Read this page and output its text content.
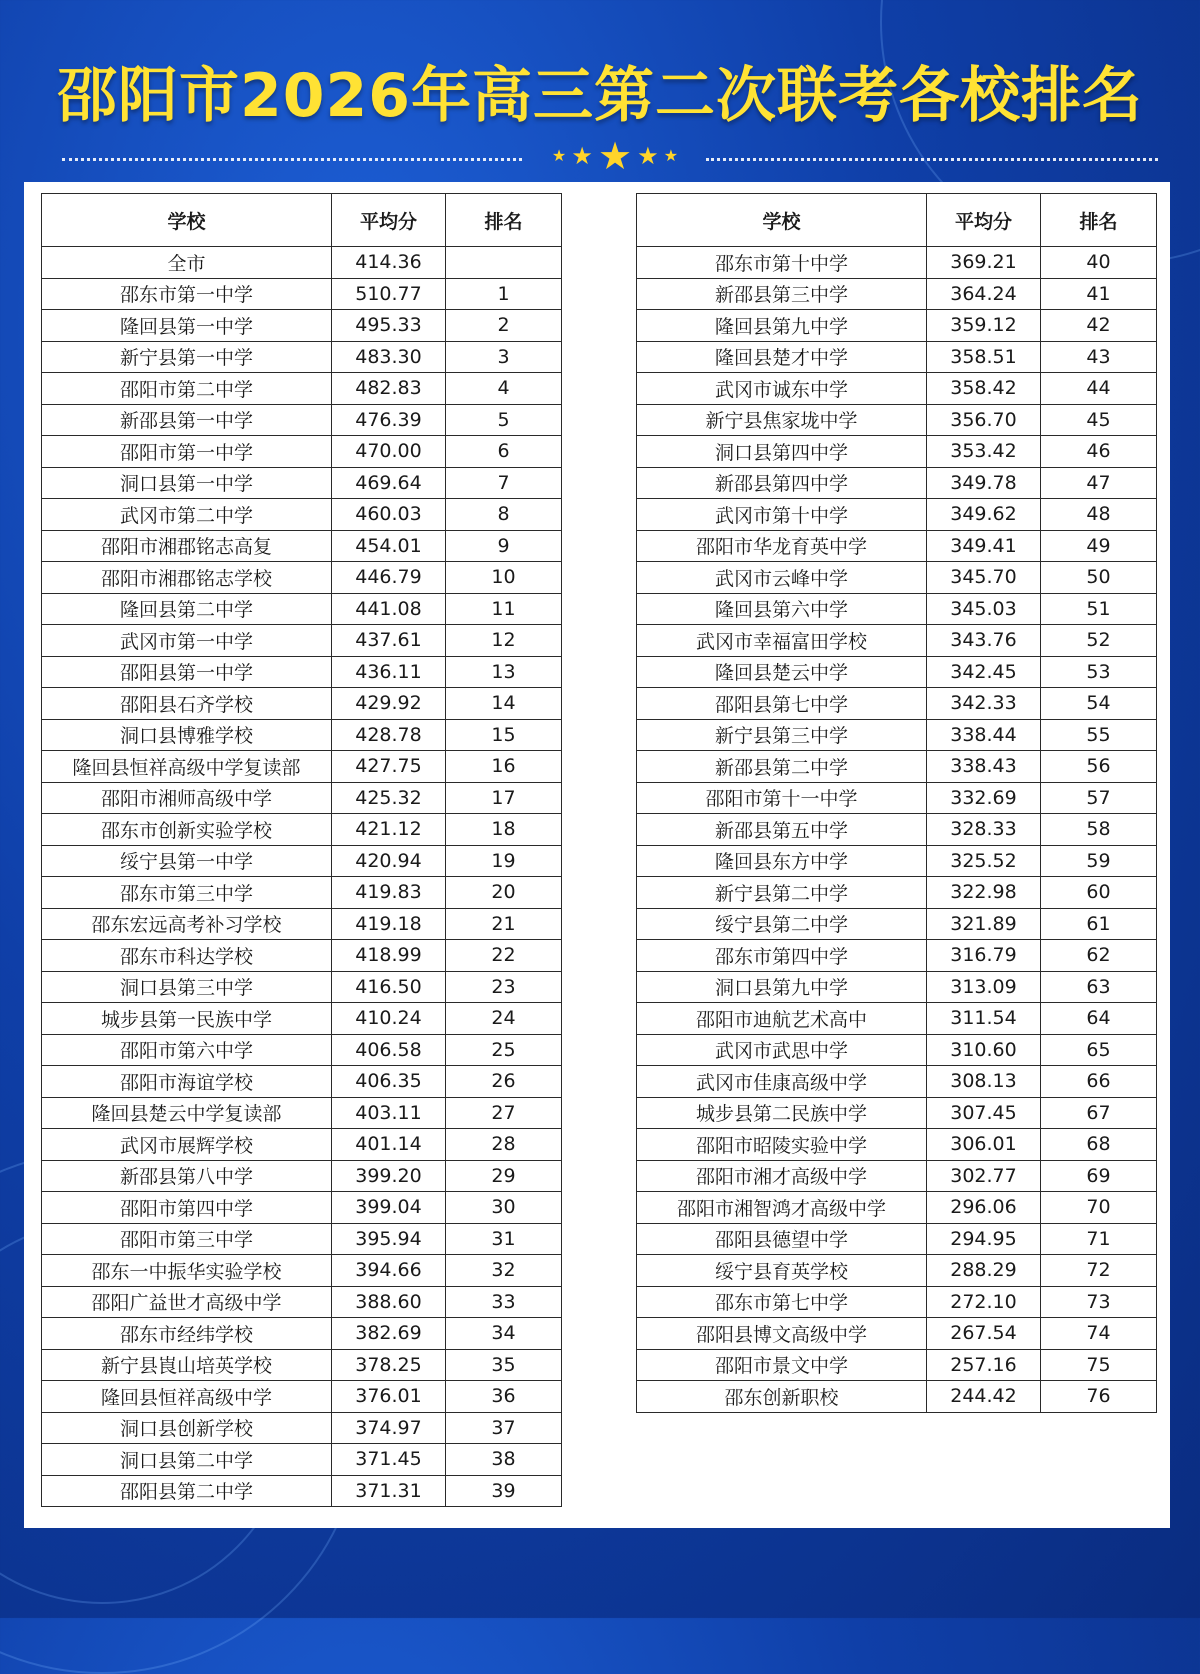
邵阳市2026年高三第二次联考各校排名
★ ★ ★ ★ ★
学校	平均分	排名
全市	414.36	
邵东市第一中学	510.77	1
隆回县第一中学	495.33	2
新宁县第一中学	483.30	3
邵阳市第二中学	482.83	4
新邵县第一中学	476.39	5
邵阳市第一中学	470.00	6
洞口县第一中学	469.64	7
武冈市第二中学	460.03	8
邵阳市湘郡铭志高复	454.01	9
邵阳市湘郡铭志学校	446.79	10
隆回县第二中学	441.08	11
武冈市第一中学	437.61	12
邵阳县第一中学	436.11	13
邵阳县石齐学校	429.92	14
洞口县博雅学校	428.78	15
隆回县恒祥高级中学复读部	427.75	16
邵阳市湘师高级中学	425.32	17
邵东市创新实验学校	421.12	18
绥宁县第一中学	420.94	19
邵东市第三中学	419.83	20
邵东宏远高考补习学校	419.18	21
邵东市科达学校	418.99	22
洞口县第三中学	416.50	23
城步县第一民族中学	410.24	24
邵阳市第六中学	406.58	25
邵阳市海谊学校	406.35	26
隆回县楚云中学复读部	403.11	27
武冈市展辉学校	401.14	28
新邵县第八中学	399.20	29
邵阳市第四中学	399.04	30
邵阳市第三中学	395.94	31
邵东一中振华实验学校	394.66	32
邵阳广益世才高级中学	388.60	33
邵东市经纬学校	382.69	34
新宁县崀山培英学校	378.25	35
隆回县恒祥高级中学	376.01	36
洞口县创新学校	374.97	37
洞口县第二中学	371.45	38
邵阳县第二中学	371.31	39
学校	平均分	排名
邵东市第十中学	369.21	40
新邵县第三中学	364.24	41
隆回县第九中学	359.12	42
隆回县楚才中学	358.51	43
武冈市诚东中学	358.42	44
新宁县焦家垅中学	356.70	45
洞口县第四中学	353.42	46
新邵县第四中学	349.78	47
武冈市第十中学	349.62	48
邵阳市华龙育英中学	349.41	49
武冈市云峰中学	345.70	50
隆回县第六中学	345.03	51
武冈市幸福富田学校	343.76	52
隆回县楚云中学	342.45	53
邵阳县第七中学	342.33	54
新宁县第三中学	338.44	55
新邵县第二中学	338.43	56
邵阳市第十一中学	332.69	57
新邵县第五中学	328.33	58
隆回县东方中学	325.52	59
新宁县第二中学	322.98	60
绥宁县第二中学	321.89	61
邵东市第四中学	316.79	62
洞口县第九中学	313.09	63
邵阳市迪航艺术高中	311.54	64
武冈市武思中学	310.60	65
武冈市佳康高级中学	308.13	66
城步县第二民族中学	307.45	67
邵阳市昭陵实验中学	306.01	68
邵阳市湘才高级中学	302.77	69
邵阳市湘智鸿才高级中学	296.06	70
邵阳县德望中学	294.95	71
绥宁县育英学校	288.29	72
邵东市第七中学	272.10	73
邵阳县博文高级中学	267.54	74
邵阳市景文中学	257.16	75
邵东创新职校	244.42	76
